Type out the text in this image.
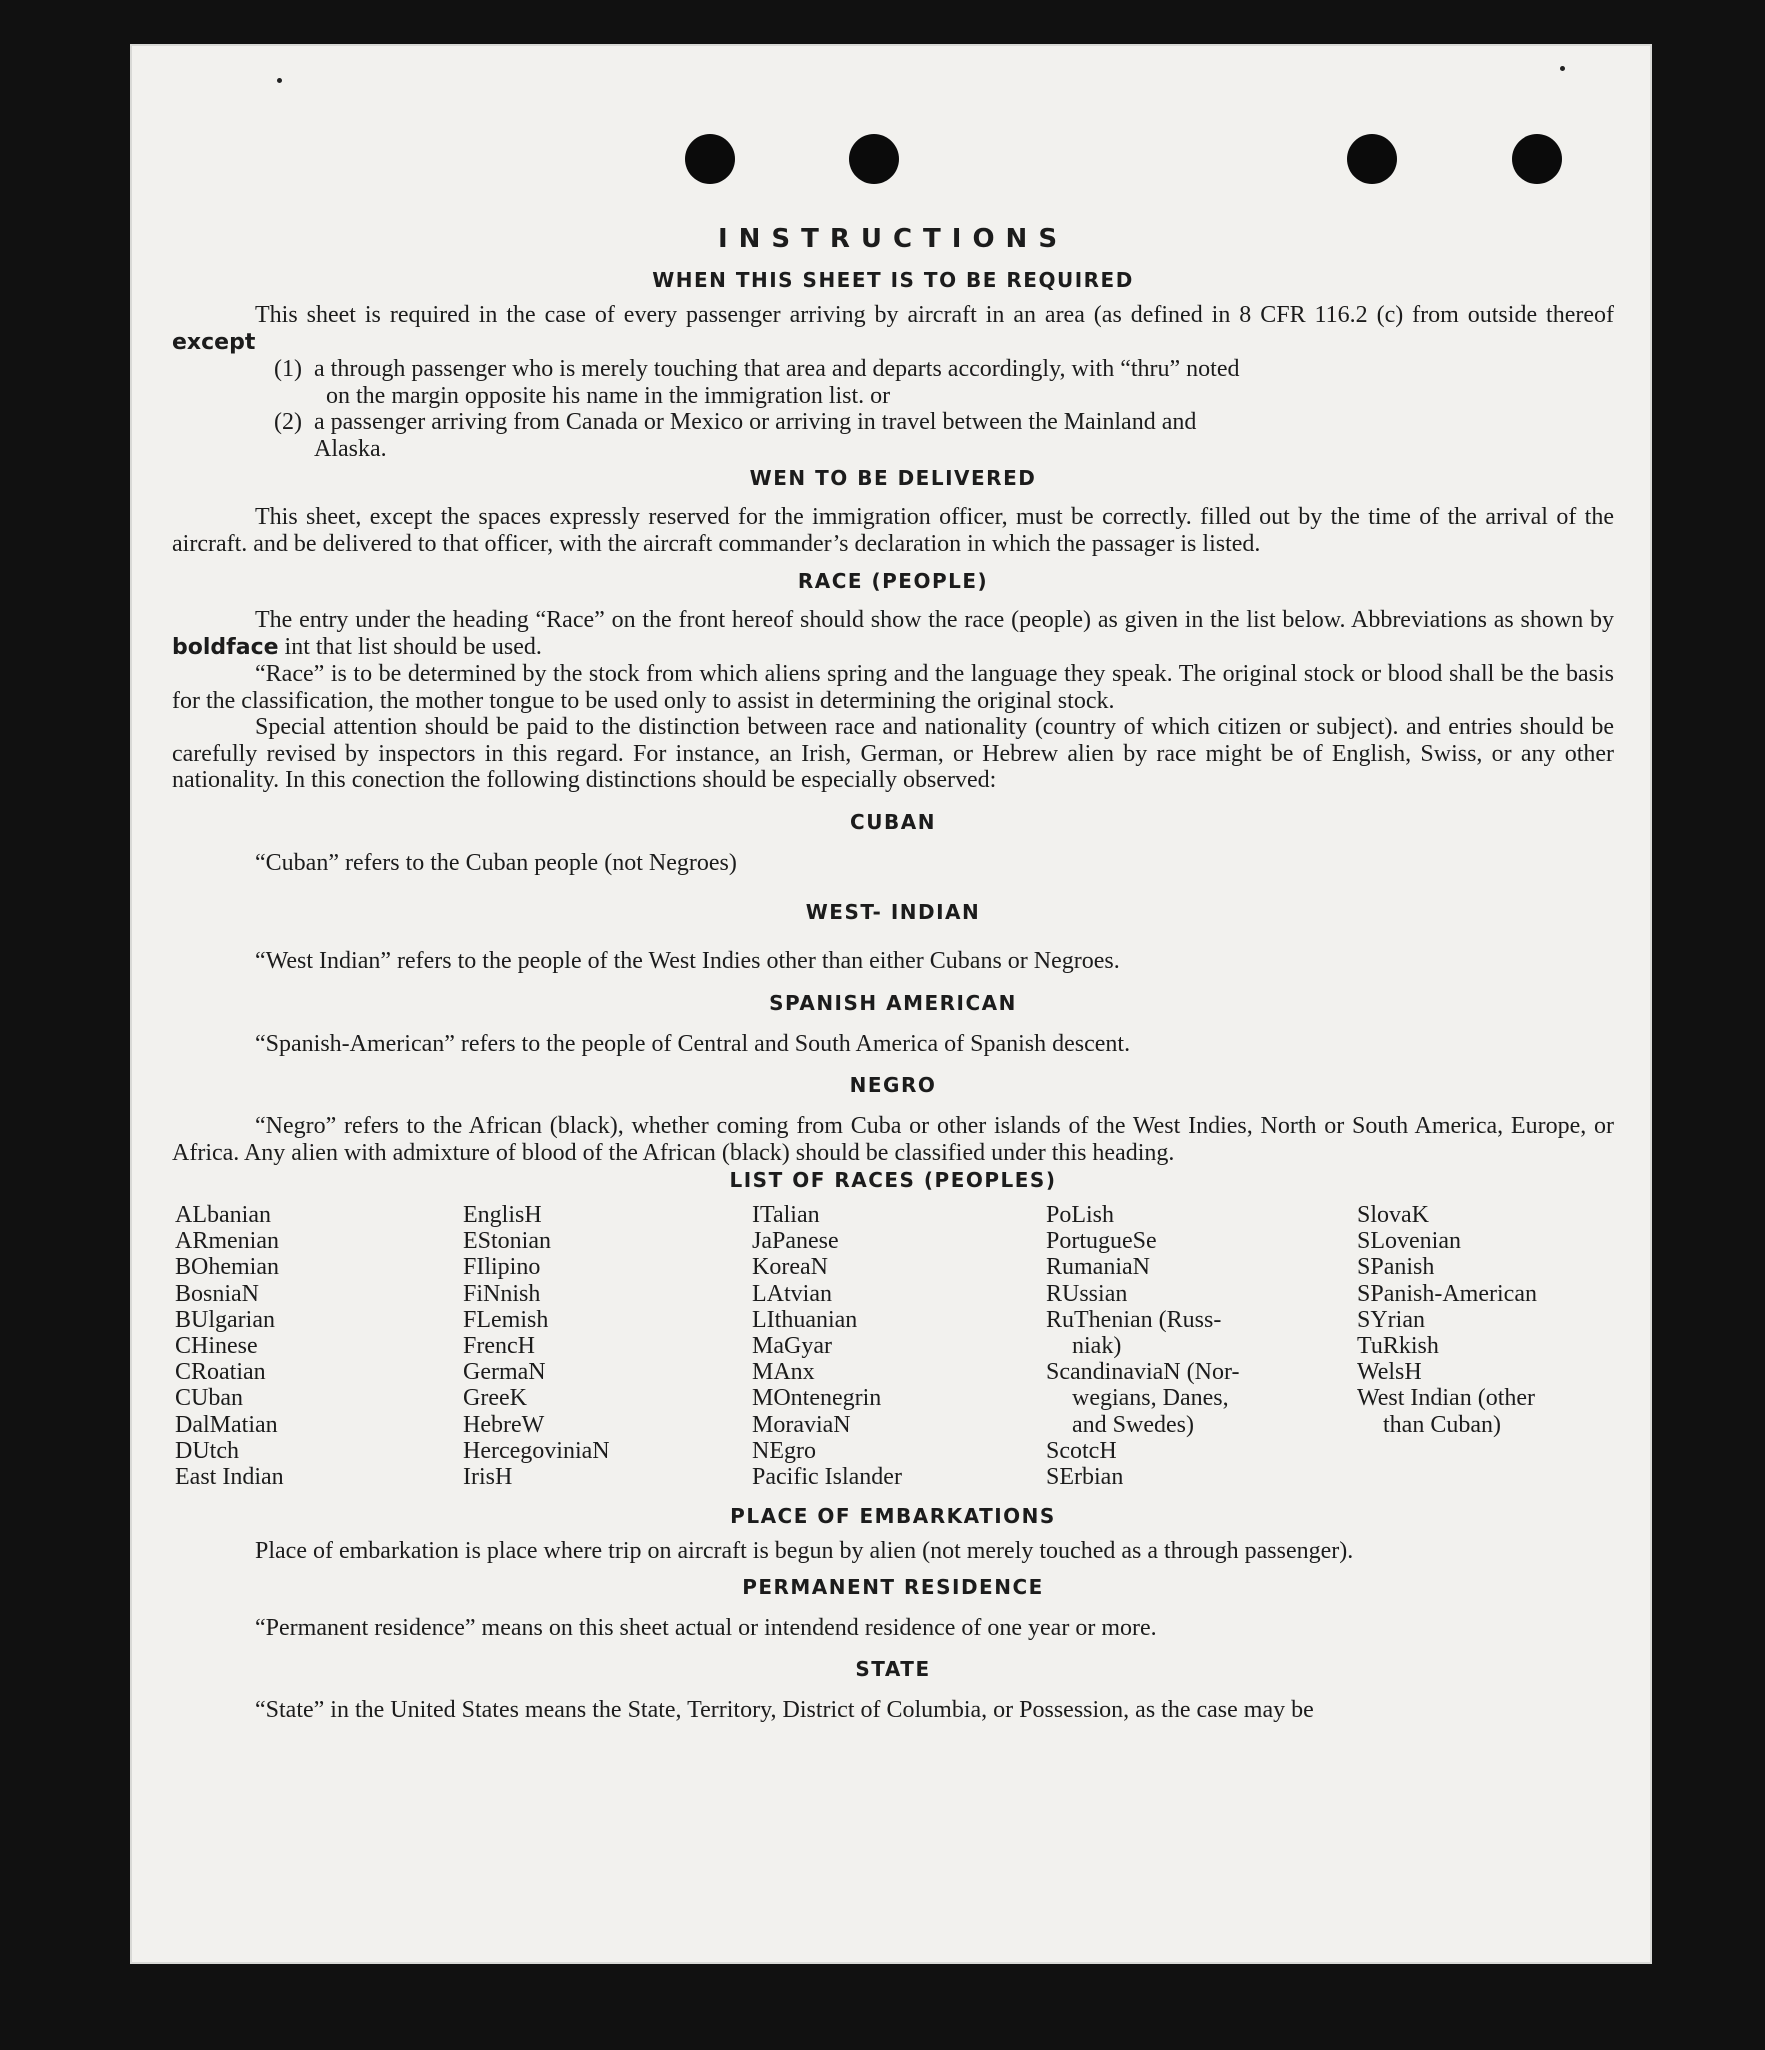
INSTRUCTIONS
WHEN THIS SHEET IS TO BE REQUIRED

This sheet is required in the case of every passenger arriving by aircraft in an area (as defined in 8 CFR 116.2 (c) from outside thereof except

(1) a through passenger who is merely touching that area and departs accordingly, with “thru” noted
on the margin opposite his name in the immigration list. or
(2) a passenger arriving from Canada or Mexico or arriving in travel between the Mainland and
Alaska.
WEN TO BE DELIVERED

This sheet, except the spaces expressly reserved for the immigration officer, must be correctly. filled out by the time of the arrival of the aircraft. and be delivered to that officer, with the aircraft commander’s declaration in which the passager is listed.

RACE (PEOPLE)

The entry under the heading “Race” on the front hereof should show the race (people) as given in the list below. Abbreviations as shown by boldface int that list should be used.

“Race” is to be determined by the stock from which aliens spring and the language they speak. The original stock or blood shall be the basis for the classification, the mother tongue to be used only to assist in determining the original stock.

Special attention should be paid to the distinction between race and nationality (country of which citizen or subject). and entries should be carefully revised by inspectors in this regard. For instance, an Irish, German, or Hebrew alien by race might be of English, Swiss, or any other nationality. In this conection the following distinctions should be especially observed:

CUBAN

“Cuban” refers to the Cuban people (not Negroes)

WEST- INDIAN

“West Indian” refers to the people of the West Indies other than either Cubans or Negroes.

SPANISH AMERICAN

“Spanish-American” refers to the people of Central and South America of Spanish descent.

NEGRO

“Negro” refers to the African (black), whether coming from Cuba or other islands of the West Indies, North or South America, Europe, or Africa. Any alien with admixture of blood of the African (black) should be classified under this heading.

LIST OF RACES (PEOPLES)
ALbanian
ARmenian
BOhemian
BosniaN
BUlgarian
CHinese
CRoatian
CUban
DalMatian
DUtch
East Indian
EnglisH
EStonian
FIlipino
FiNnish
FLemish
FrencH
GermaN
GreeK
HebreW
HercegoviniaN
IrisH
ITalian
JaPanese
KoreaN
LAtvian
LIthuanian
MaGyar
MAnx
MOntenegrin
MoraviaN
NEgro
Pacific Islander
PoLish
PortugueSe
RumaniaN
RUssian
RuThenian (Russ-
niak)
ScandinaviaN (Nor-
wegians, Danes,
and Swedes)
ScotcH
SErbian
SlovaK
SLovenian
SPanish
SPanish-American
SYrian
TuRkish
WelsH
West Indian (other
than Cuban)
PLACE OF EMBARKATIONS

Place of embarkation is place where trip on aircraft is begun by alien (not merely touched as a through passenger).

PERMANENT RESIDENCE

“Permanent residence” means on this sheet actual or intendend residence of one year or more.

STATE

“State” in the United States means the State, Territory, District of Columbia, or Possession, as the case may be
